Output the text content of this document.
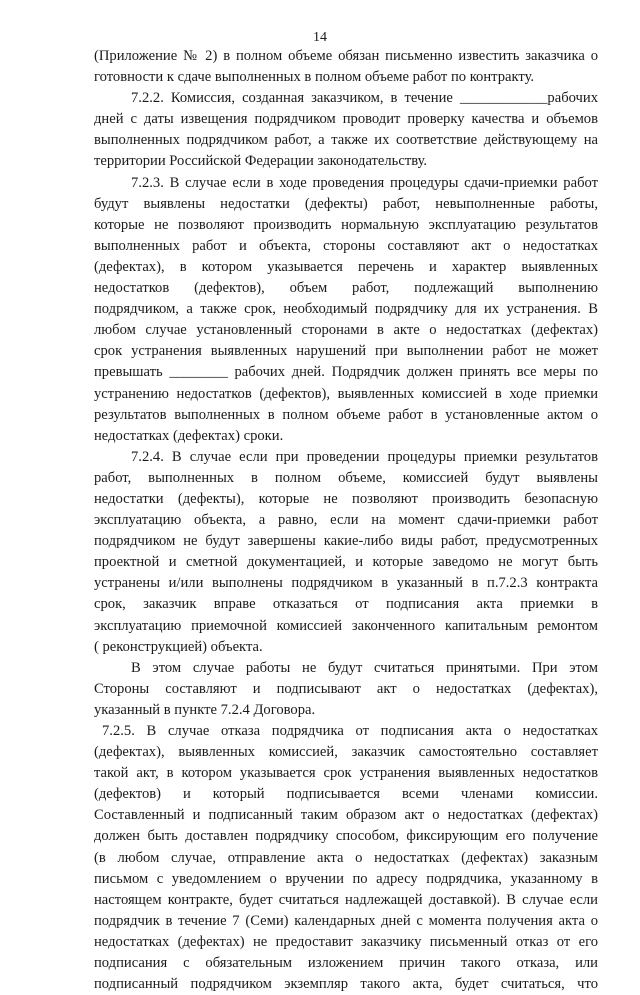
14
(Приложение № 2) в полном объеме обязан письменно известить заказчика о
готовности к сдаче выполненных в полном объеме работ по контракту.
7.2.2. Комиссия, созданная заказчиком, в течение ____________рабочих
дней с даты извещения подрядчиком проводит проверку качества и объемов
выполненных подрядчиком работ, а также их соответствие действующему на
территории Российской Федерации законодательству.
7.2.3. В случае если в ходе проведения процедуры сдачи-приемки работ
будут выявлены недостатки (дефекты) работ, невыполненные работы,
которые не позволяют производить нормальную эксплуатацию результатов
выполненных работ и объекта, стороны составляют акт о недостатках
(дефектах), в котором указывается перечень и характер выявленных
недостатков (дефектов), объем работ, подлежащий выполнению
подрядчиком, а также срок, необходимый подрядчику для их устранения. В
любом случае установленный сторонами в акте о недостатках (дефектах)
срок устранения выявленных нарушений при выполнении работ не может
превышать ________ рабочих дней. Подрядчик должен принять все меры по
устранению недостатков (дефектов), выявленных комиссией в ходе приемки
результатов выполненных в полном объеме работ в установленные актом о
недостатках (дефектах) сроки.
7.2.4. В случае если при проведении процедуры приемки результатов
работ, выполненных в полном объеме, комиссией будут выявлены
недостатки (дефекты), которые не позволяют производить безопасную
эксплуатацию объекта, а равно, если на момент сдачи-приемки работ
подрядчиком не будут завершены какие-либо виды работ, предусмотренных
проектной и сметной документацией, и которые заведомо не могут быть
устранены и/или выполнены подрядчиком в указанный в п.7.2.3 контракта
срок, заказчик вправе отказаться от подписания акта приемки в
эксплуатацию приемочной комиссией законченного капитальным ремонтом
( реконструкцией) объекта.
В этом случае работы не будут считаться принятыми. При этом
Стороны составляют и подписывают акт о недостатках (дефектах),
указанный в пункте 7.2.4 Договора.
7.2.5. В случае отказа подрядчика от подписания акта о недостатках
(дефектах), выявленных комиссией, заказчик самостоятельно составляет
такой акт, в котором указывается срок устранения выявленных недостатков
(дефектов) и который подписывается всеми членами комиссии.
Составленный и подписанный таким образом акт о недостатках (дефектах)
должен быть доставлен подрядчику способом, фиксирующим его получение
(в любом случае, отправление акта о недостатках (дефектах) заказным
письмом с уведомлением о вручении по адресу подрядчика, указанному в
настоящем контракте, будет считаться надлежащей доставкой). В случае если
подрядчик в течение 7 (Семи) календарных дней с момента получения акта о
недостатках (дефектах) не предоставит заказчику письменный отказ от его
подписания с обязательным изложением причин такого отказа, или
подписанный подрядчиком экземпляр такого акта, будет считаться, что
